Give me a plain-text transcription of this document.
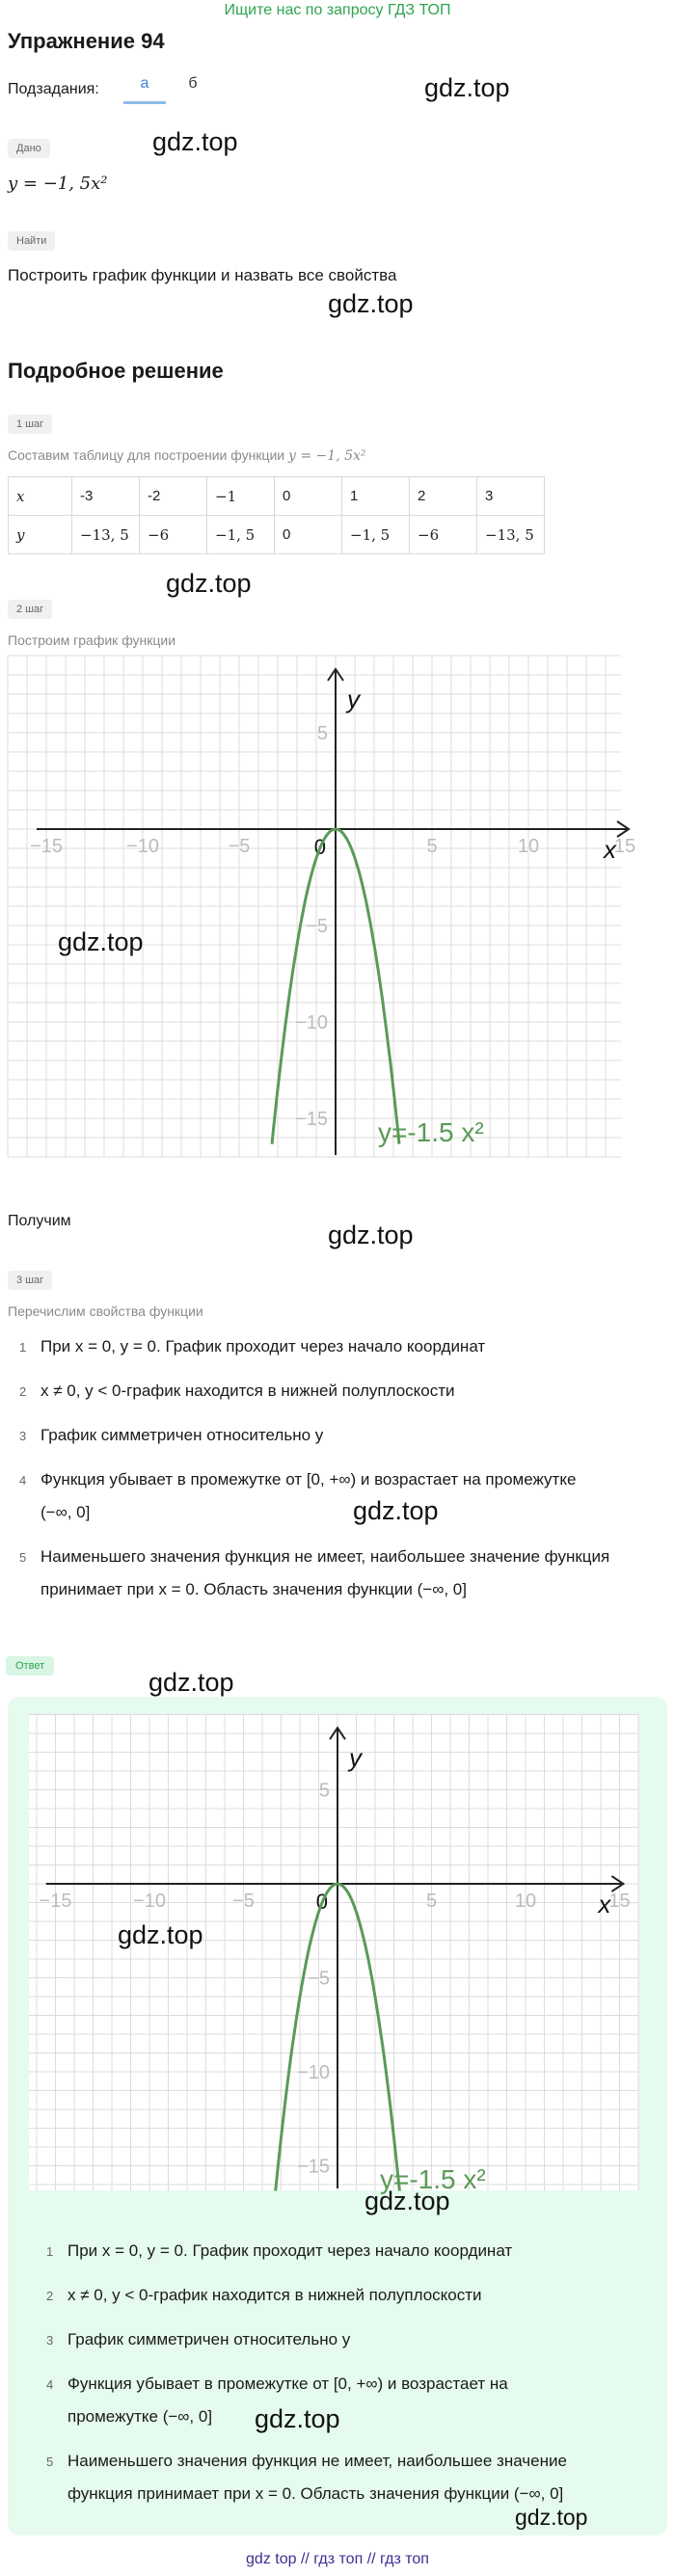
Ищите нас по запросу ГДЗ ТОП
Упражнение 94
Подзадания:	а	б	gdz.top
Дано	gdz.top
y = −1, 5x²
Найти
Построить график функции и назвать все свойства
gdz.top
Подробное решение
1 шаг
Составим таблицу для построении функции y = −1, 5x²
x	-3	-2	−1	0	1	2	3
y	−13, 5	−6	−1, 5	0	−1, 5	−6	−13, 5
gdz.top
2 шаг
Построим график функции
−15	−10	−5	5	10	15
5
−5
−10
−15
0	x
y
y=-1.5 x²
gdz.top
Получим	gdz.top
3 шаг
Перечислим свойства функции
1 При x = 0, y = 0. График проходит через начало координат
2 x ≠ 0, y < 0-график находится в нижней полуплоскости
3 График симметричен относительно y
4 Функция убывает в промежутке от [0, +∞) и возрастает на промежутке
(−∞, 0]
5 Наименьшего значения функция не имеет, наибольшее значение функция
принимает при x = 0. Область значения функции (−∞, 0]
gdz.top
Ответ
gdz.top
−15	−10	−5	5	10	15
5
−5
−10
−15
0	x
y
y=-1.5 x²
gdz.top
gdz.top
1 При x = 0, y = 0. График проходит через начало координат
2 x ≠ 0, y < 0-график находится в нижней полуплоскости
3 График симметричен относительно y
4 Функция убывает в промежутке от [0, +∞) и возрастает на
промежутке (−∞, 0]
5 Наименьшего значения функция не имеет, наибольшее значение
функция принимает при x = 0. Область значения функции (−∞, 0]
gdz.top
gdz.top
gdz top // гдз топ // гдз топ
